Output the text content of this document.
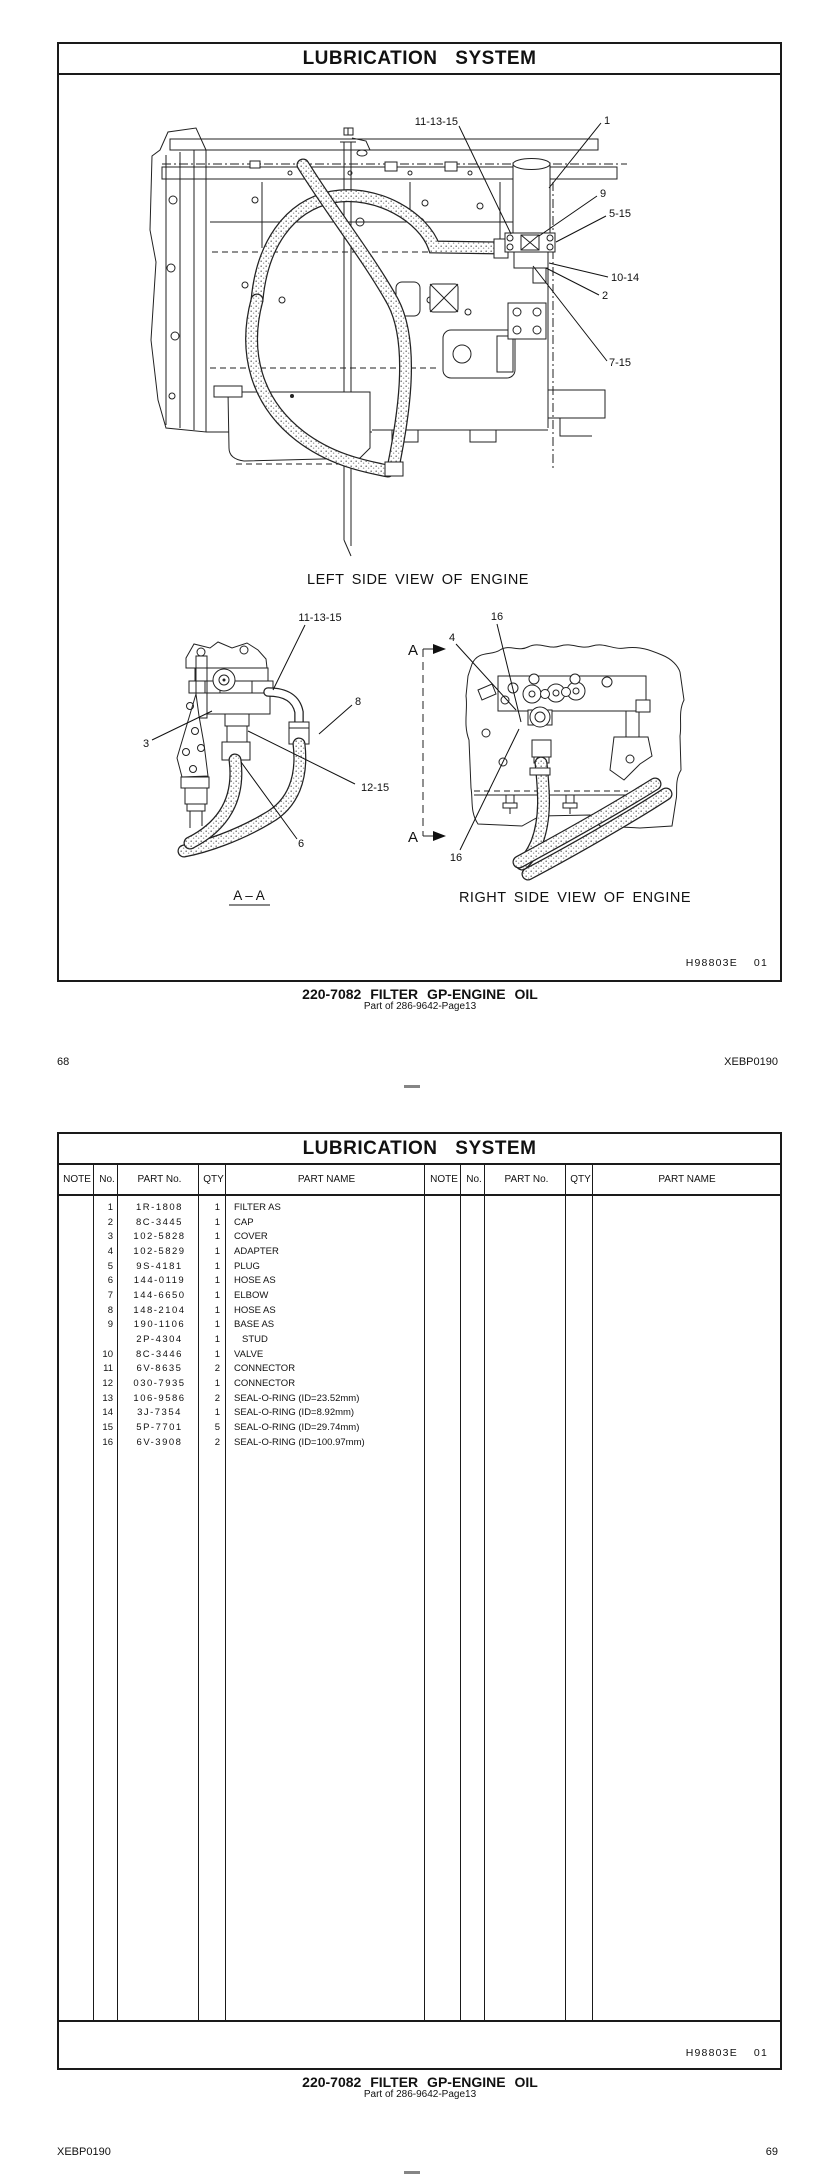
LUBRICATION SYSTEM
H98803E 01
11-13-15	1
9
5-15
10-14
2
7-15
LEFT SIDE VIEW OF ENGINE
11-13-15
3
8
12-15
6
A – A
A
A
16
4
16
RIGHT SIDE VIEW OF ENGINE
220-7082 FILTER GP-ENGINE OIL
Part of 286-9642-Page13
68	XEBP0190
LUBRICATION SYSTEM
NOTE No.	PART No.	QTY	PART NAME	NOTE No.	PART No.	QTY	PART NAME
1	1R-1808	1	FILTER AS
2	8C-3445	1	CAP
3	102-5828	1	COVER
4	102-5829	1	ADAPTER
5	9S-4181	1	PLUG
6	144-0119	1	HOSE AS
7	144-6650	1	ELBOW
8	148-2104	1	HOSE AS
9	190-1106	1	BASE AS
2P-4304	1	STUD
10	8C-3446	1	VALVE
11	6V-8635	2	CONNECTOR
12	030-7935	1	CONNECTOR
13	106-9586	2	SEAL-O-RING (ID=23.52mm)
14	3J-7354	1	SEAL-O-RING (ID=8.92mm)
15	5P-7701	5	SEAL-O-RING (ID=29.74mm)
16	6V-3908	2	SEAL-O-RING (ID=100.97mm)
H98803E 01
220-7082 FILTER GP-ENGINE OIL
Part of 286-9642-Page13
XEBP0190	69
